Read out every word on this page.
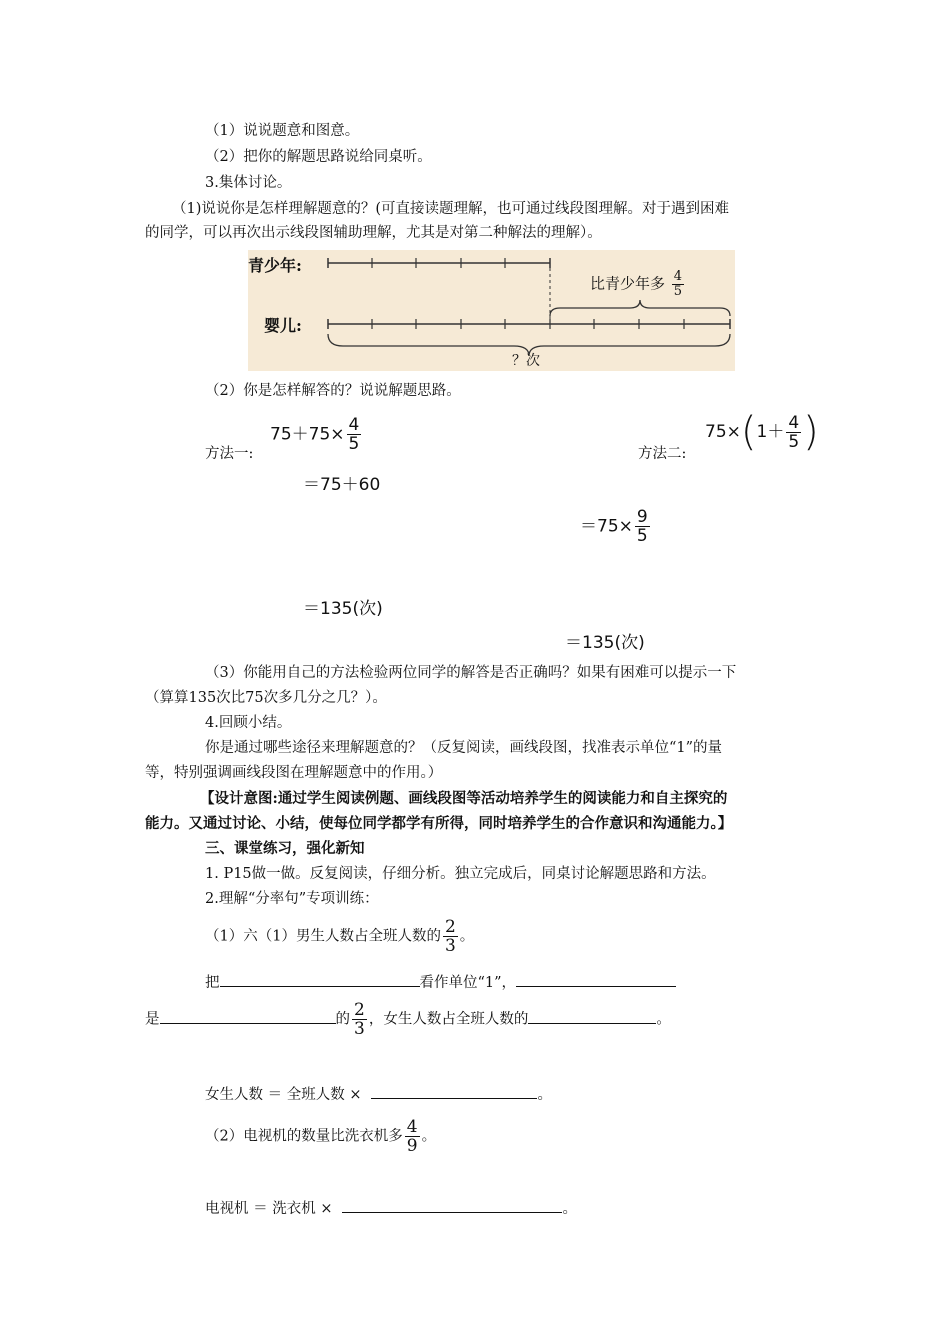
（1）说说题意和图意。
（2）把你的解题思路说给同桌听。
3.集体讨论。
（1)说说你是怎样理解题意的？(可直接读题理解，也可通过线段图理解。对于遇到困难
的同学，可以再次出示线段图辅助理解，尤其是对第二种解法的理解）。
青少年:
婴儿:
比青少年多 $\frac{4}{5}$
？次
（2）你是怎样解答的？说说解题思路。
方法一:
$75+75\times \frac{4}{5}$
＝75＋60
＝135(次)
方法二:
$75\times(1+ \frac{4}{5}$ )
$=75\times \frac{9}{5}$
＝135(次)
（3）你能用自己的方法检验两位同学的解答是否正确吗？如果有困难可以提示一下
（算算135次比75次多几分之几？）。
4.回顾小结。
你是通过哪些途径来理解题意的？（反复阅读，画线段图，找准表示单位“1”的量
等，特别强调画线段图在理解题意中的作用。）
【设计意图:通过学生阅读例题、画线段图等活动培养学生的阅读能力和自主探究的
能力。又通过讨论、小结，使每位同学都学有所得，同时培养学生的合作意识和沟通能力。】
三、课堂练习，强化新知
1. P15做一做。反复阅读，仔细分析。独立完成后，同桌讨论解题思路和方法。
2.理解“分率句”专项训练：
（1）六（1）男生人数占全班人数的 $\frac{2}{3}$ 。
把	看作单位“1”，
是	的 $\frac{2}{3}$ ，女生人数占全班人数的	。
女生人数 ＝ 全班人数 ×	。
（2）电视机的数量比洗衣机多 $\frac{4}{9}$ 。
电视机 ＝ 洗衣机 ×	。
